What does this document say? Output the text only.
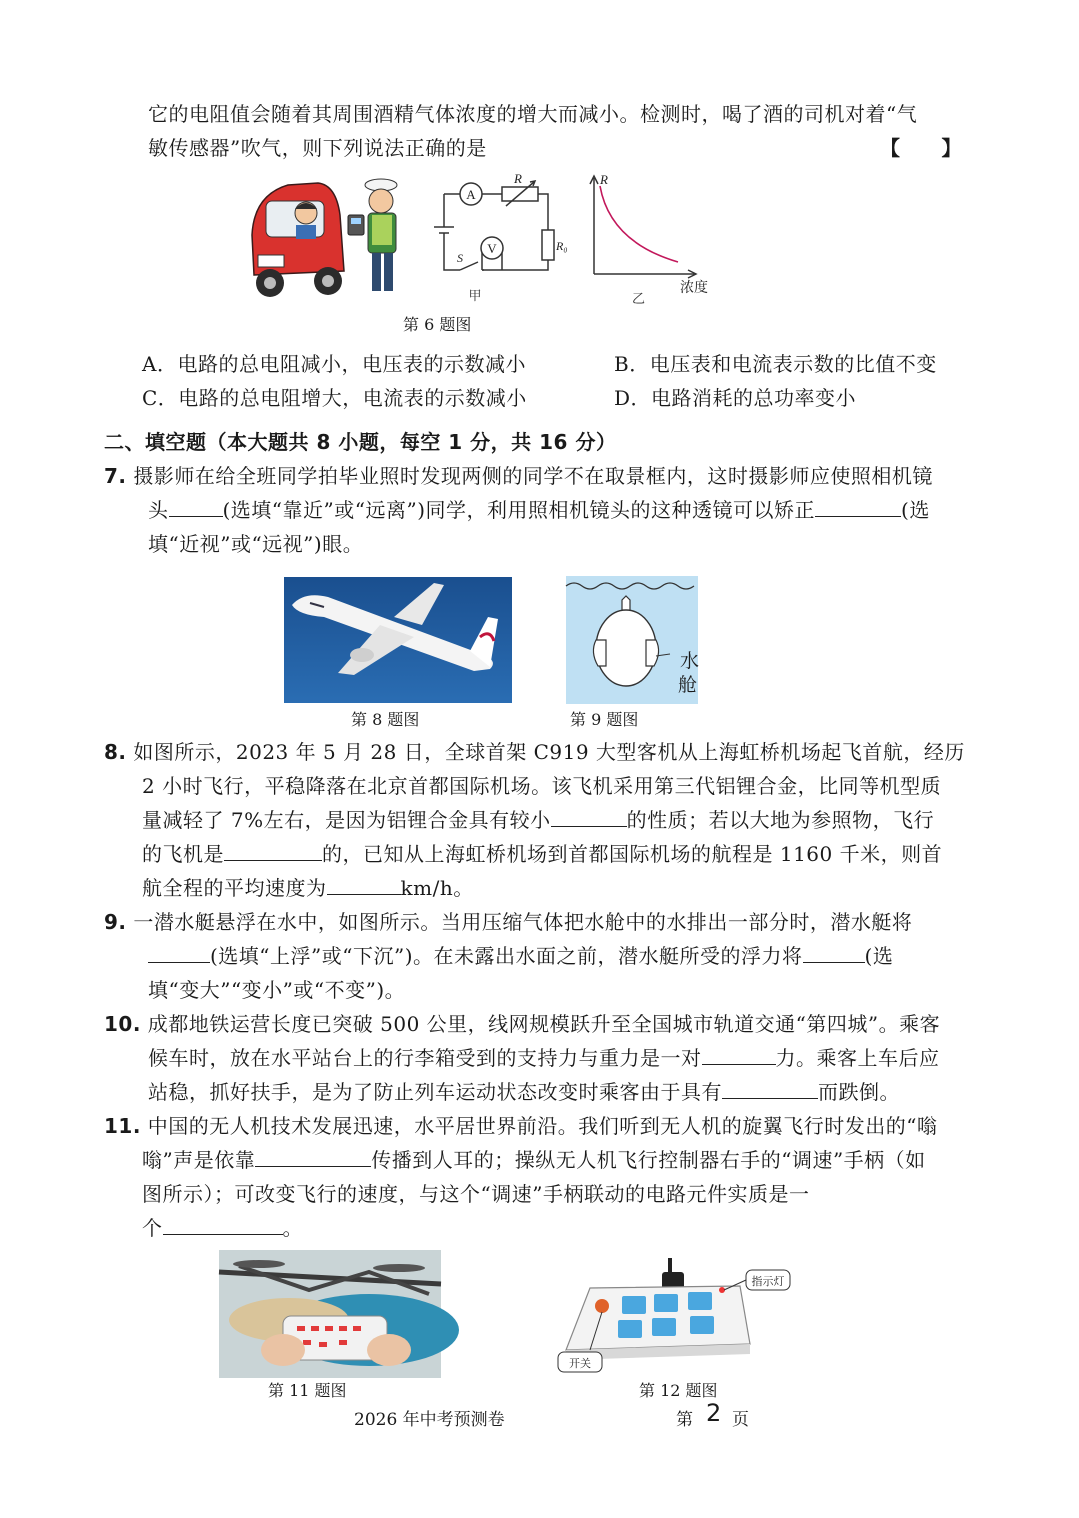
它的电阻值会随着其周围酒精气体浓度的增大而减小。检测时，喝了酒的司机对着“气
敏传感器”吹气，则下列说法正确的是	【　　】
A
V
R
R₀
S
甲
R
浓度
乙
第 6 题图
A．电路的总电阻减小，电压表的示数减小	B．电压表和电流表示数的比值不变
C．电路的总电阻增大，电流表的示数减小	D．电路消耗的总功率变小
二、填空题（本大题共 8 小题，每空 1 分，共 16 分）
7. 摄影师在给全班同学拍毕业照时发现两侧的同学不在取景框内，这时摄影师应使照相机镜
头	(选填“靠近”或“远离”)同学，利用照相机镜头的这种透镜可以矫正	(选
填“近视”或“远视”)眼。
第 8 题图
水
舱
第 9 题图
8. 如图所示，2023 年 5 月 28 日，全球首架 C919 大型客机从上海虹桥机场起飞首航，经历
2 小时飞行，平稳降落在北京首都国际机场。该飞机采用第三代铝锂合金，比同等机型质
量减轻了 7%左右，是因为铝锂合金具有较小	的性质；若以大地为参照物，飞行
的飞机是	的，已知从上海虹桥机场到首都国际机场的航程是 1160 千米，则首
航全程的平均速度为	km/h。
9. 一潜水艇悬浮在水中，如图所示。当用压缩气体把水舱中的水排出一部分时，潜水艇将
(选填“上浮”或“下沉”)。在未露出水面之前，潜水艇所受的浮力将	(选
填“变大”“变小”或“不变”)。
10. 成都地铁运营长度已突破 500 公里，线网规模跃升至全国城市轨道交通“第四城”。乘客
候车时，放在水平站台上的行李箱受到的支持力与重力是一对	力。乘客上车后应
站稳，抓好扶手，是为了防止列车运动状态改变时乘客由于具有	而跌倒。
11. 中国的无人机技术发展迅速，水平居世界前沿。我们听到无人机的旋翼飞行时发出的“嗡
嗡”声是依靠	传播到人耳的；操纵无人机飞行控制器右手的“调速”手柄（如
图所示）；可改变飞行的速度，与这个“调速”手柄联动的电路元件实质是一
个	。
第 11 题图
指示灯
开关
第 12 题图
2026 年中考预测卷	第 2 页
